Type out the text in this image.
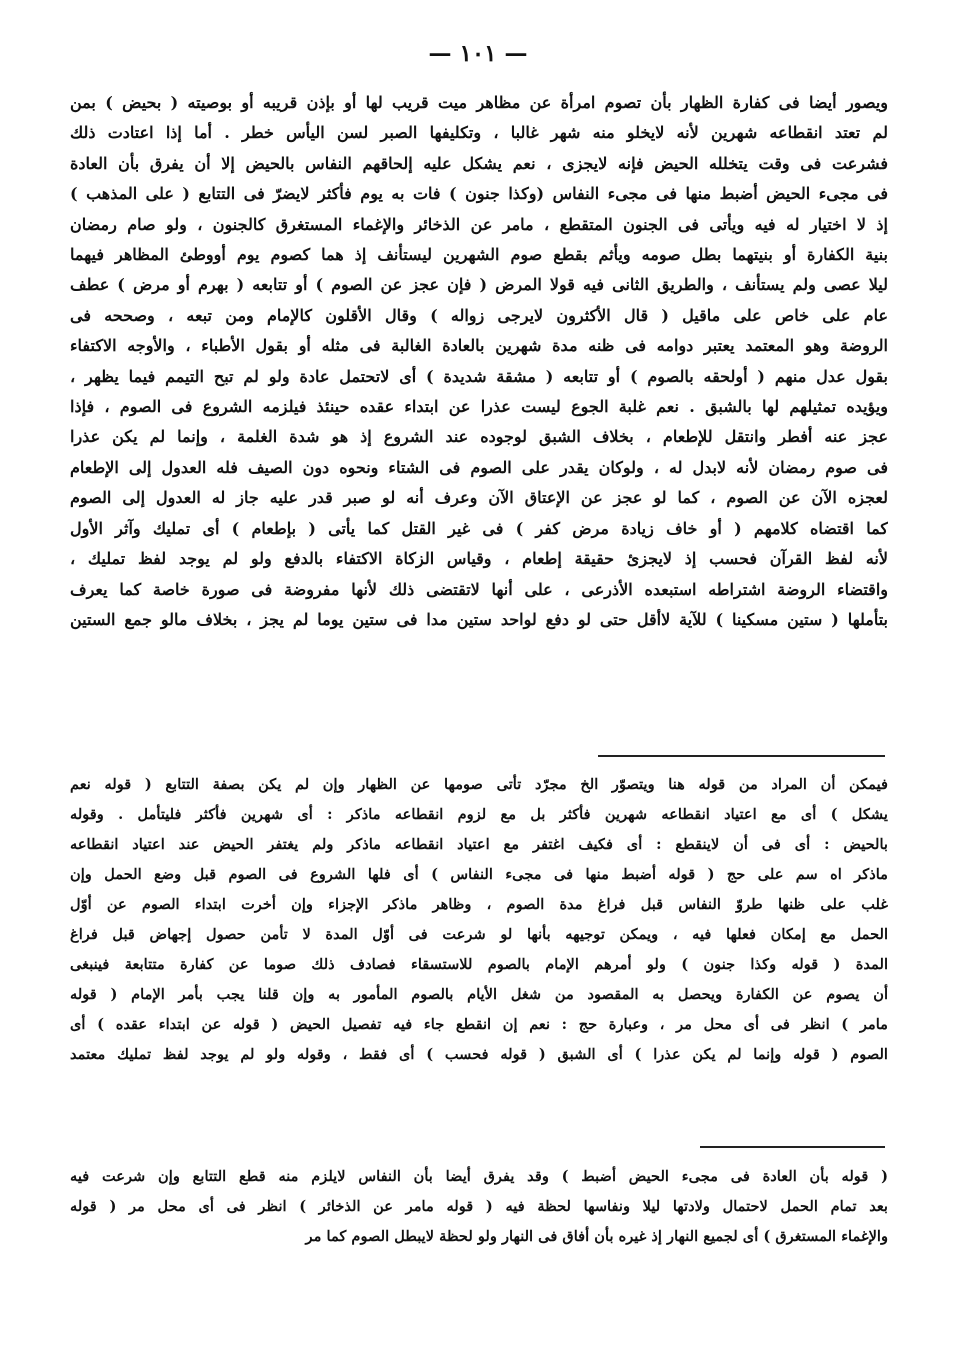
— ١٠١ —
ويصور أيضا فى كفارة الظهار بأن تصوم امرأة عن مظاهر ميت قريب لها أو بإذن قريبه أو بوصيته ( بحيض ) بمن
لم تعتد انقطاعه شهرين لأنه لايخلو منه شهر غالبا ، وتكليفها الصبر لسن اليأس خطر . أما إذا اعتادت ذلك
فشرعت فى وقت يتخلله الحيض فإنه لايجزى ، نعم يشكل عليه إلحاقهم النفاس بالحيض إلا أن يفرق بأن العادة
فى مجىء الحيض أضبط منها فى مجىء النفاس (وكذا جنون ) فات به يوم فأكثر لايضرّ فى التتابع ( على المذهب )
إذ لا اختيار له فيه ويأتى فى الجنون المتقطع ، مامر عن الذخائر والإغماء المستغرق كالجنون ، ولو صام رمضان
بنية الكفارة أو بنيتهما بطل صومه ويأثم بقطع صوم الشهرين ليستأنف إذ هما كصوم يوم أووطئ المظاهر فيهما
ليلا عصى ولم يستأنف ، والطريق الثانى فيه قولا المرض ( فإن عجز عن الصوم ) أو تتابعه ( بهرم أو مرض ) عطف
عام على خاص على ماقيل ( قال الأكثرون لايرجى زواله ) وقال الأقلون كالإمام ومن تبعه ، وصححه فى
الروضة وهو المعتمد يعتبر دوامه فى ظنه مدة شهرين بالعادة الغالبة فى مثله أو بقول الأطباء ، والأوجه الاكتفاء
بقول عدل منهم ( أولحقه بالصوم ) أو تتابعه ( مشقة شديدة ) أى لاتحتمل عادة ولو لم تبح التيمم فيما يظهر ،
ويؤيده تمثيلهم لها بالشبق . نعم غلبة الجوع ليست عذرا عن ابتداء عقده حينئذ فيلزمه الشروع فى الصوم ، فإذا
عجز عنه أفطر وانتقل للإطعام ، بخلاف الشبق لوجوده عند الشروع إذ هو شدة الغلمة ، وإنما لم يكن عذرا
فى صوم رمضان لأنه لابدل له ، ولوكان يقدر على الصوم فى الشتاء ونحوه دون الصيف فله العدول إلى الإطعام
لعجزه الآن عن الصوم ، كما لو عجز عن الإعتاق الآن وعرف أنه لو صبر قدر عليه جاز له العدول إلى الصوم
كما اقتضاه كلامهم ( أو خاف زيادة مرض كفر ) فى غير القتل كما يأتى ( بإطعام ) أى تمليك وآثر الأول
لأنه لفظ القرآن فحسب إذ لايجزئ حقيقة إطعام ، وقياس الزكاة الاكتفاء بالدفع ولو لم يوجد لفظ تمليك ،
واقتضاء الروضة اشتراطه استبعده الأذرعى ، على أنها لاتقتضى ذلك لأنها مفروضة فى صورة خاصة كما يعرف
بتأملها ( ستين مسكينا ) للآية لاأقل حتى لو دفع لواحد ستين مدا فى ستين يوما لم يجز ، بخلاف مالو جمع الستين
فيمكن أن المراد من قوله هنا ويتصوّر الخ مجرّد تأتى صومها عن الظهار وإن لم يكن بصفة التتابع ( قوله نعم
يشكل ) أى مع اعتياد انقطاعه شهرين فأكثر بل مع لزوم انقطاعه ماذكر : أى شهرين فأكثر فليتأمل . وقوله
بالحيض : أى فى أن لاينقطع : أى فكيف اغتفر مع اعتياد انقطاعه ماذكر ولم يغتفر الحيض عند اعتياد انقطاعه
ماذكر اه سم على حج ( قوله أضبط منها فى مجىء النفاس ) أى فلها الشروع فى الصوم قبل وضع الحمل وإن
غلب على ظنها طروّ النفاس قبل فراغ مدة الصوم ، وظاهر ماذكر الإجزاء وإن أخرت ابتداء الصوم عن أوّل
الحمل مع إمكان فعلها فيه ، ويمكن توجيهه بأنها لو شرعت فى أوّل المدة لا تأمن حصول إجهاض قبل فراغ
المدة ( قوله وكذا جنون ) ولو أمرهم الإمام بالصوم للاستسقاء فصادف ذلك صوما عن كفارة متتابعة فينبغى
أن يصوم عن الكفارة ويحصل به المقصود من شغل الأيام بالصوم المأمور به وإن قلنا يجب بأمر الإمام ( قوله
مامر ) انظر فى أى محل مر ، وعبارة حج : نعم إن انقطع جاء فيه تفصيل الحيض ( قوله عن ابتداء عقده ) أى
الصوم ( قوله وإنما لم يكن عذرا ) أى الشبق ( قوله فحسب ) أى فقط ، وقوله ولو لم يوجد لفظ تمليك معتمد
( قوله بأن العادة فى مجىء الحيض أضبط ) وقد يفرق أيضا بأن النفاس لايلزم منه قطع التتابع وإن شرعت فيه
بعد تمام الحمل لاحتمال ولادتها ليلا ونفاسها لحظة فيه ( قوله مامر عن الذخائر ) انظر فى أى محل مر ( قوله
والإغماء المستغرق ) أى لجميع النهار إذ غيره بأن أفاق فى النهار ولو لحظة لايبطل الصوم كما مر
